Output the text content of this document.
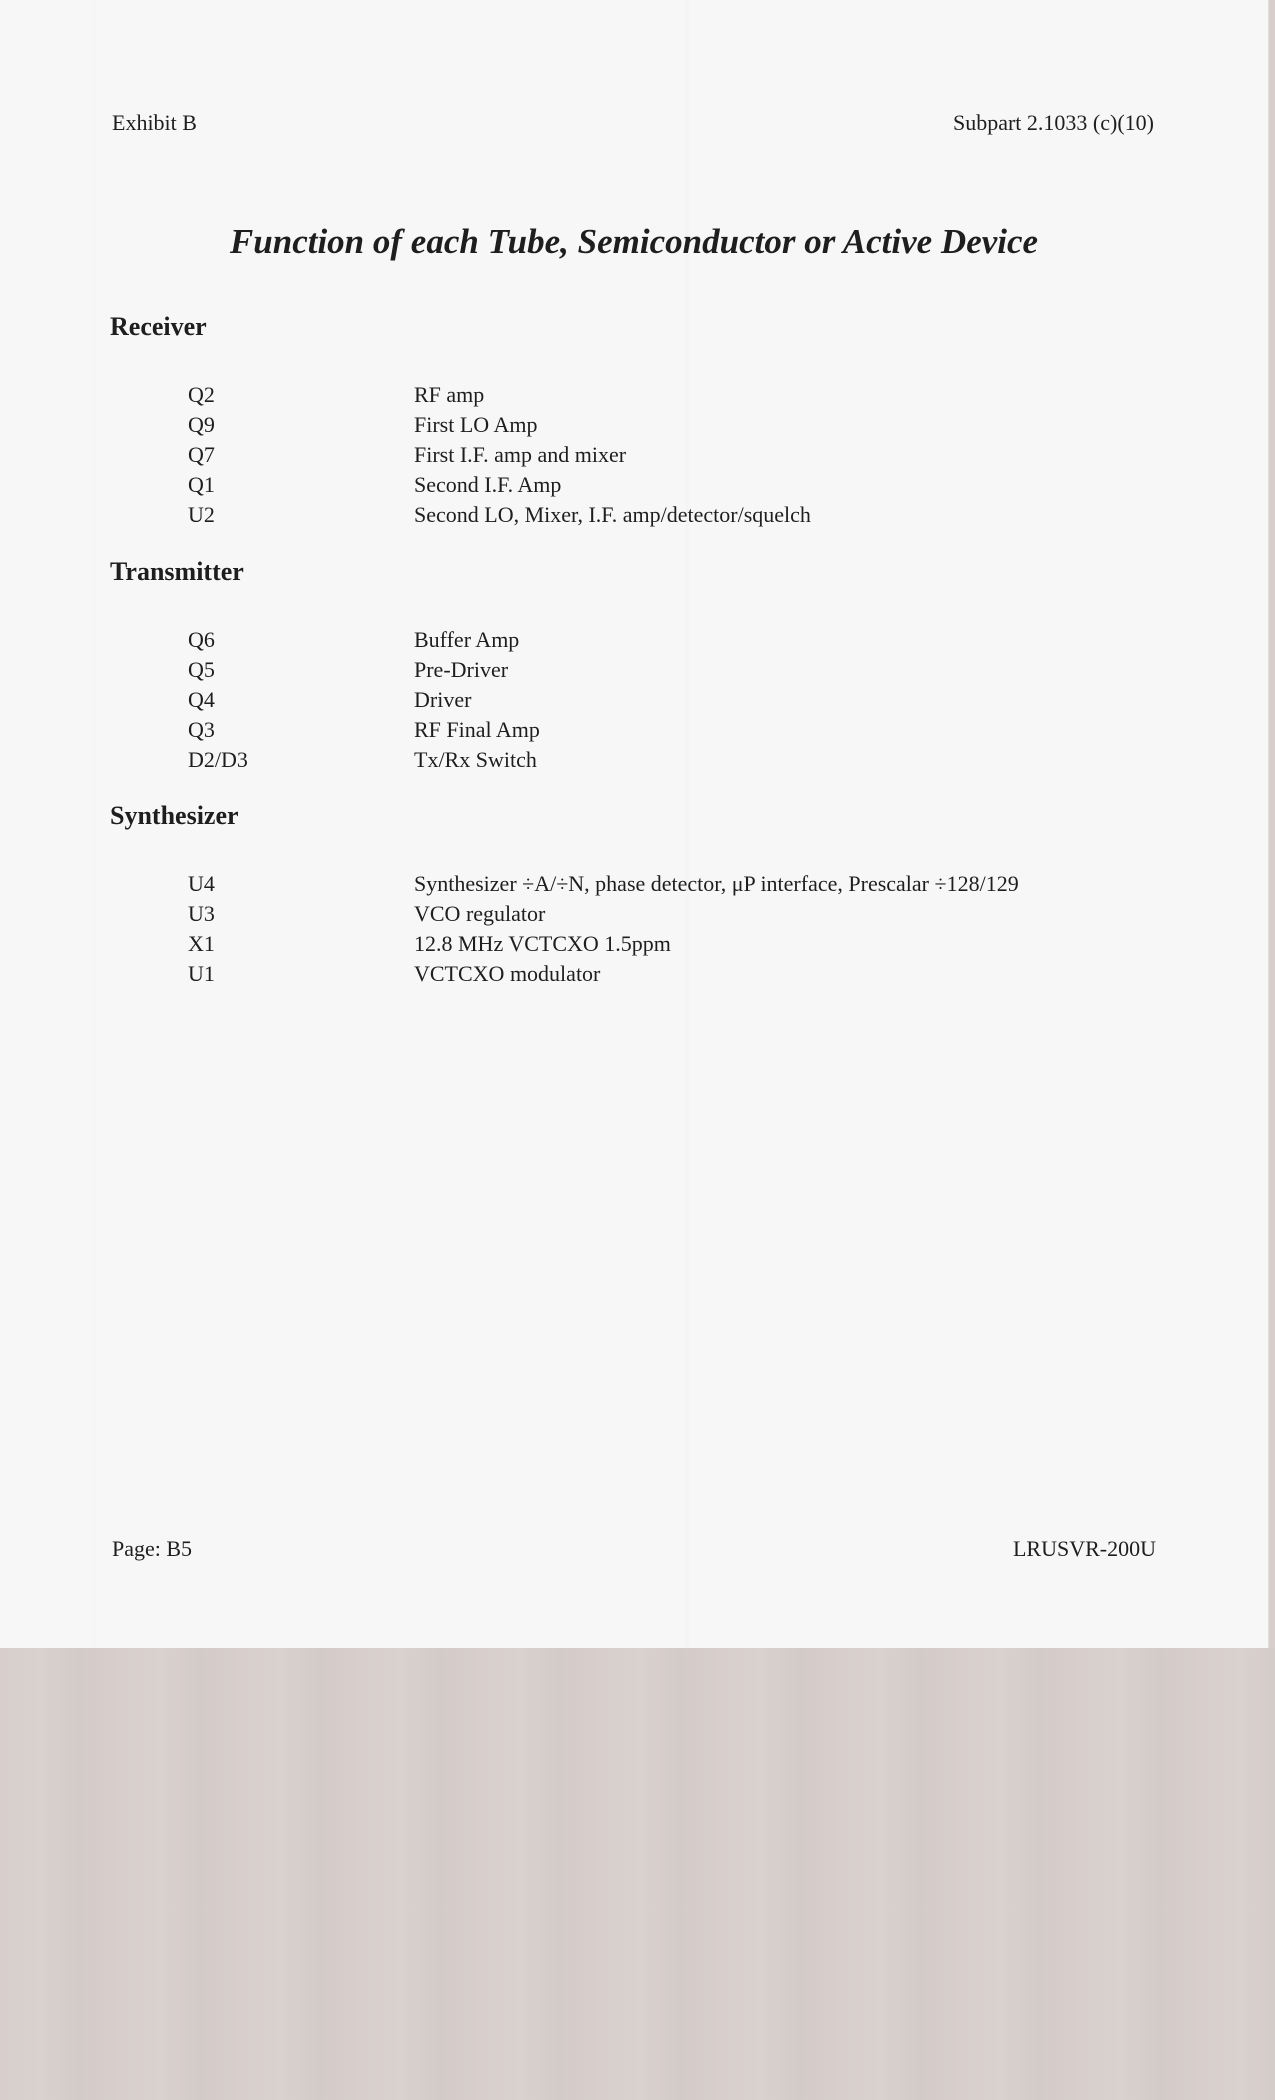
Exhibit B	Subpart 2.1033 (c)(10)
Function of each Tube, Semiconductor or Active Device
Receiver
Q2	RF amp
Q9	First LO Amp
Q7	First I.F. amp and mixer
Q1	Second I.F. Amp
U2	Second LO, Mixer, I.F. amp/detector/squelch
Transmitter
Q6	Buffer Amp
Q5	Pre-Driver
Q4	Driver
Q3	RF Final Amp
D2/D3	Tx/Rx Switch
Synthesizer
U4	Synthesizer ÷A/÷N, phase detector, μP interface, Prescalar ÷128/129
U3	VCO regulator
X1	12.8 MHz VCTCXO 1.5ppm
U1	VCTCXO modulator
Page: B5	LRUSVR-200U
